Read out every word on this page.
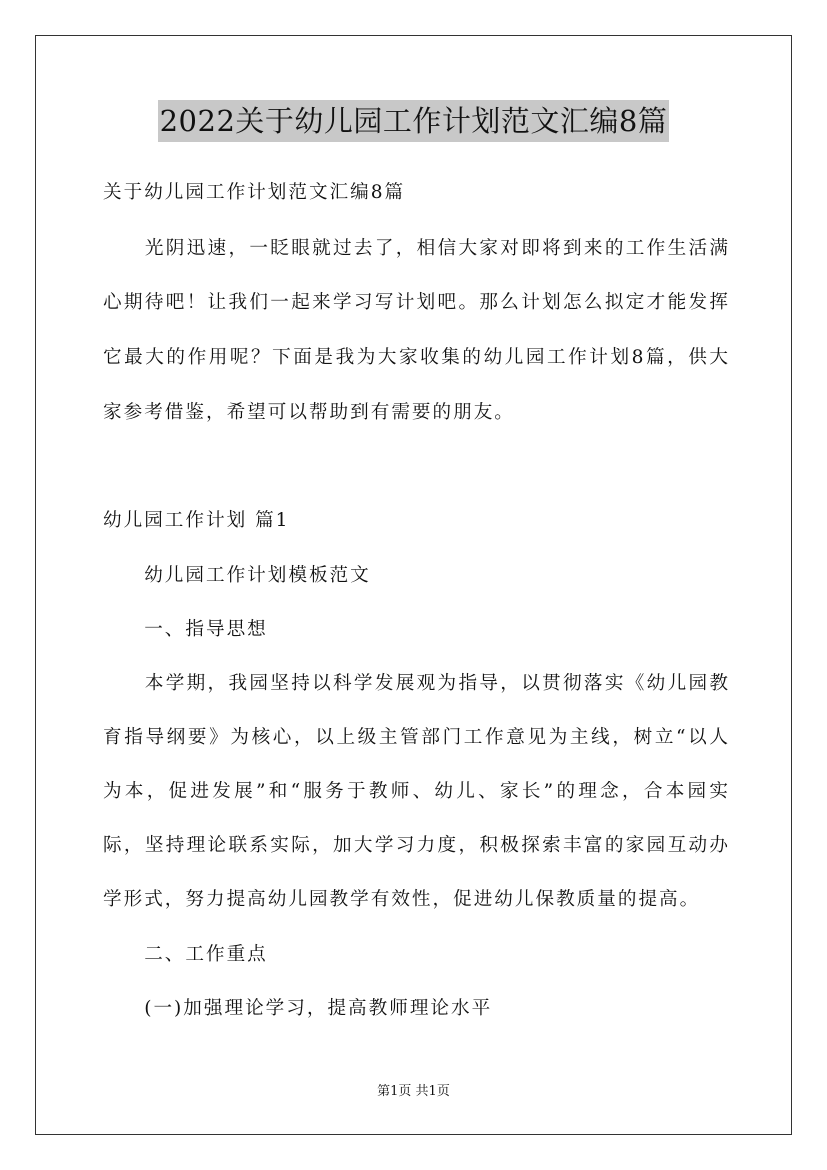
2022关于幼儿园工作计划范文汇编8篇
关于幼儿园工作计划范文汇编8篇
　　光阴迅速，一眨眼就过去了，相信大家对即将到来的工作生活满
心期待吧！让我们一起来学习写计划吧。那么计划怎么拟定才能发挥
它最大的作用呢？下面是我为大家收集的幼儿园工作计划8篇，供大
家参考借鉴，希望可以帮助到有需要的朋友。
幼儿园工作计划 篇1
　　幼儿园工作计划模板范文
　　一、指导思想
　　本学期，我园坚持以科学发展观为指导，以贯彻落实《幼儿园教
育指导纲要》为核心，以上级主管部门工作意见为主线，树立“以人
为本，促进发展”和“服务于教师、幼儿、家长”的理念，合本园实
际，坚持理论联系实际，加大学习力度，积极探索丰富的家园互动办
学形式，努力提高幼儿园教学有效性，促进幼儿保教质量的提高。
　　二、工作重点
　　(一)加强理论学习，提高教师理论水平
第1页 共1页
